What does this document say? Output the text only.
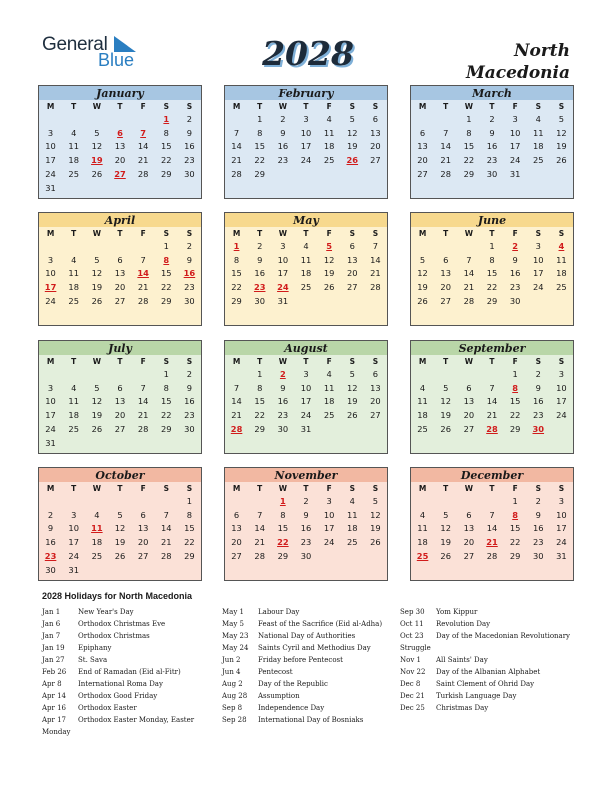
General
Blue	2028	North
Macedonia
January
M	T	W	T	F	S	S
					1	2
3	4	5	6	7	8	9
10	11	12	13	14	15	16
17	18	19	20	21	22	23
24	25	26	27	28	29	30
31						
February
M	T	W	T	F	S	S
	1	2	3	4	5	6
7	8	9	10	11	12	13
14	15	16	17	18	19	20
21	22	23	24	25	26	27
28	29					
March
M	T	W	T	F	S	S
		1	2	3	4	5
6	7	8	9	10	11	12
13	14	15	16	17	18	19
20	21	22	23	24	25	26
27	28	29	30	31		
April
M	T	W	T	F	S	S
					1	2
3	4	5	6	7	8	9
10	11	12	13	14	15	16
17	18	19	20	21	22	23
24	25	26	27	28	29	30
May
M	T	W	T	F	S	S
1	2	3	4	5	6	7
8	9	10	11	12	13	14
15	16	17	18	19	20	21
22	23	24	25	26	27	28
29	30	31				
June
M	T	W	T	F	S	S
			1	2	3	4
5	6	7	8	9	10	11
12	13	14	15	16	17	18
19	20	21	22	23	24	25
26	27	28	29	30		
July
M	T	W	T	F	S	S
					1	2
3	4	5	6	7	8	9
10	11	12	13	14	15	16
17	18	19	20	21	22	23
24	25	26	27	28	29	30
31						
August
M	T	W	T	F	S	S
	1	2	3	4	5	6
7	8	9	10	11	12	13
14	15	16	17	18	19	20
21	22	23	24	25	26	27
28	29	30	31			
September
M	T	W	T	F	S	S
				1	2	3
4	5	6	7	8	9	10
11	12	13	14	15	16	17
18	19	20	21	22	23	24
25	26	27	28	29	30	
October
M	T	W	T	F	S	S
						1
2	3	4	5	6	7	8
9	10	11	12	13	14	15
16	17	18	19	20	21	22
23	24	25	26	27	28	29
30	31					
November
M	T	W	T	F	S	S
		1	2	3	4	5
6	7	8	9	10	11	12
13	14	15	16	17	18	19
20	21	22	23	24	25	26
27	28	29	30			
December
M	T	W	T	F	S	S
				1	2	3
4	5	6	7	8	9	10
11	12	13	14	15	16	17
18	19	20	21	22	23	24
25	26	27	28	29	30	31
2028 Holidays for North Macedonia
Jan 1	New Year's Day
Jan 6	Orthodox Christmas Eve
Jan 7	Orthodox Christmas
Jan 19 Epiphany
Jan 27 St. Sava
Feb 26 End of Ramadan (Eid al-Fitr)
Apr 8 International Roma Day
Apr 14 Orthodox Good Friday
Apr 16 Orthodox Easter
Apr 17 Orthodox Easter Monday, Easter Monday
May 1 Labour Day
May 5 Feast of the Sacrifice (Eid al-Adha)
May 23 National Day of Authorities
May 24 Saints Cyril and Methodius Day
Jun 2 Friday before Pentecost
Jun 4 Pentecost
Aug 2 Day of the Republic
Aug 28 Assumption
Sep 8 Independence Day
Sep 28 International Day of Bosniaks
Sep 30 Yom Kippur
Oct 11 Revolution Day
Oct 23 Day of the Macedonian Revolutionary Struggle
Nov 1 All Saints' Day
Nov 22 Day of the Albanian Alphabet
Dec 8 Saint Clement of Ohrid Day
Dec 21 Turkish Language Day
Dec 25 Christmas Day
